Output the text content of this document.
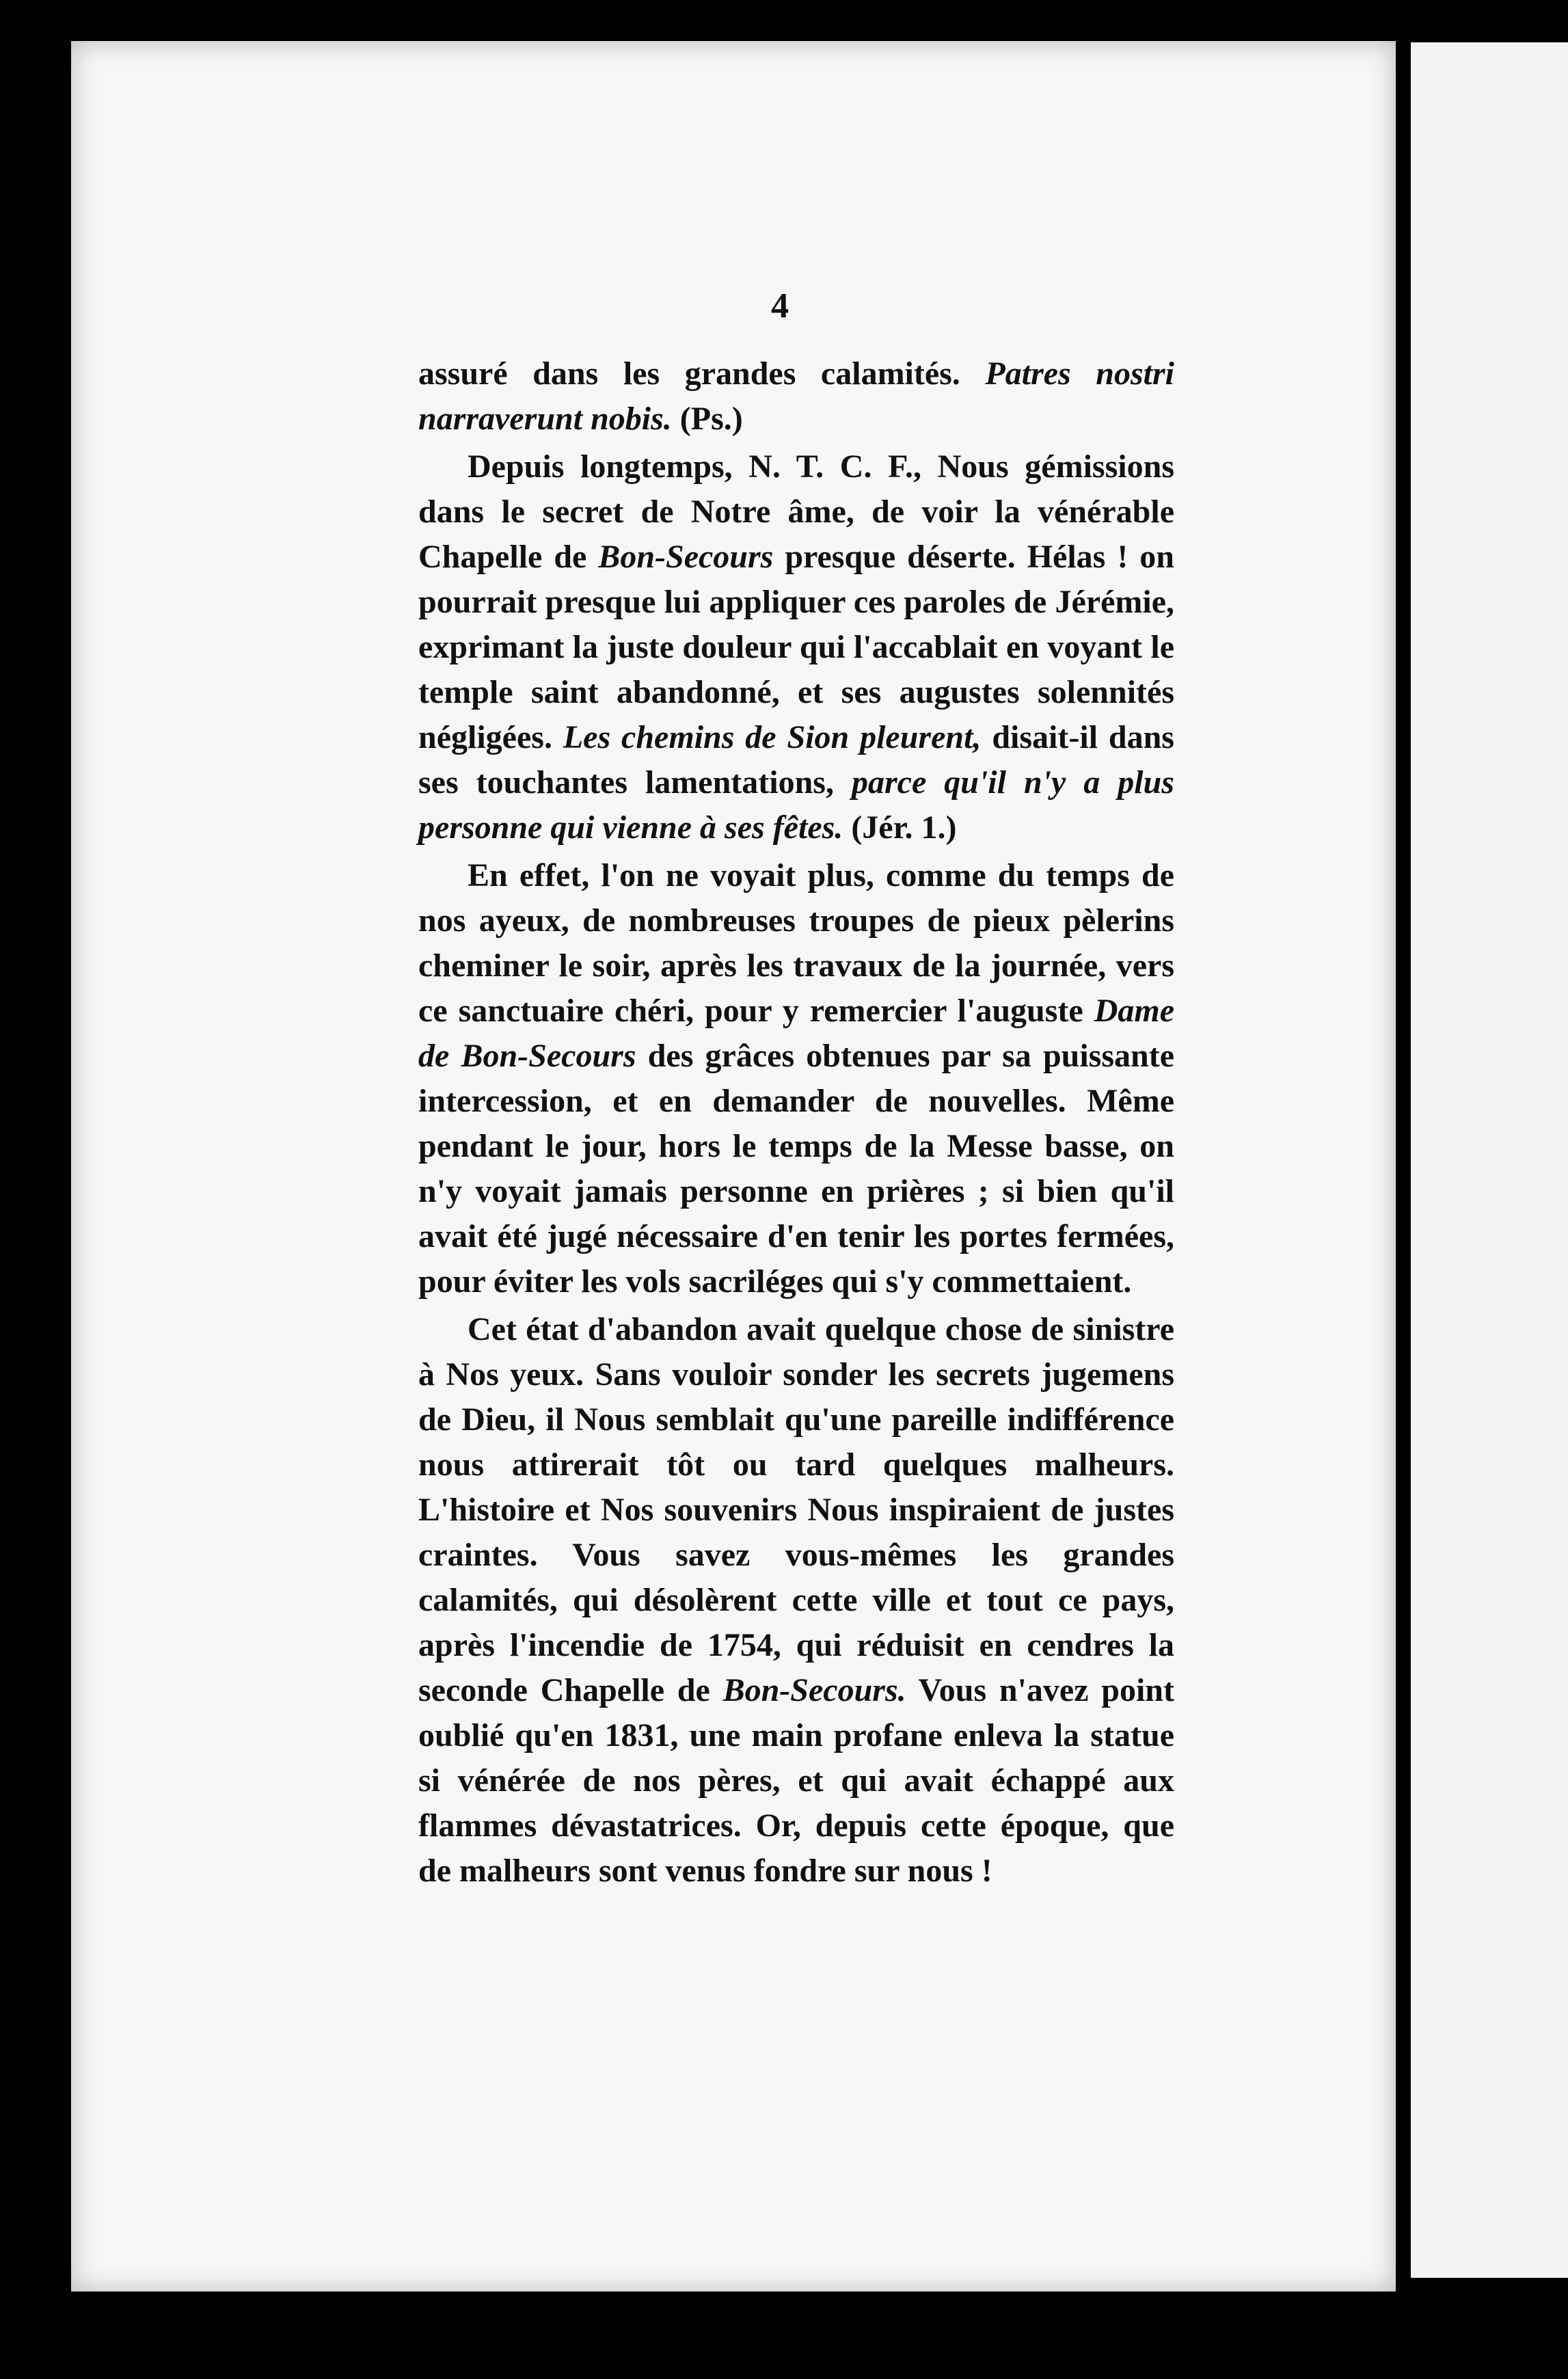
4

assuré dans les grandes calamités. Patres nostri narraverunt nobis. (Ps.)

Depuis longtemps, N. T. C. F., Nous gémissions dans le secret de Notre âme, de voir la vénérable Chapelle de Bon-Secours presque déserte. Hélas ! on pourrait presque lui appliquer ces paroles de Jérémie, exprimant la juste douleur qui l'accablait en voyant le temple saint abandonné, et ses augustes solennités négligées. Les chemins de Sion pleurent, disait-il dans ses touchantes lamentations, parce qu'il n'y a plus personne qui vienne à ses fêtes. (Jér. 1.)

En effet, l'on ne voyait plus, comme du temps de nos ayeux, de nombreuses troupes de pieux pèlerins cheminer le soir, après les travaux de la journée, vers ce sanctuaire chéri, pour y remercier l'auguste Dame de Bon-Secours des grâces obtenues par sa puissante intercession, et en demander de nouvelles. Même pendant le jour, hors le temps de la Messe basse, on n'y voyait jamais personne en prières ; si bien qu'il avait été jugé nécessaire d'en tenir les portes fermées, pour éviter les vols sacriléges qui s'y commettaient.

Cet état d'abandon avait quelque chose de sinistre à Nos yeux. Sans vouloir sonder les secrets jugemens de Dieu, il Nous semblait qu'une pareille indifférence nous attirerait tôt ou tard quelques malheurs. L'histoire et Nos souvenirs Nous inspiraient de justes craintes. Vous savez vous-mêmes les grandes calamités, qui désolèrent cette ville et tout ce pays, après l'incendie de 1754, qui réduisit en cendres la seconde Chapelle de Bon-Secours. Vous n'avez point oublié qu'en 1831, une main profane enleva la statue si vénérée de nos pères, et qui avait échappé aux flammes dévastatrices. Or, depuis cette époque, que de malheurs sont venus fondre sur nous !
